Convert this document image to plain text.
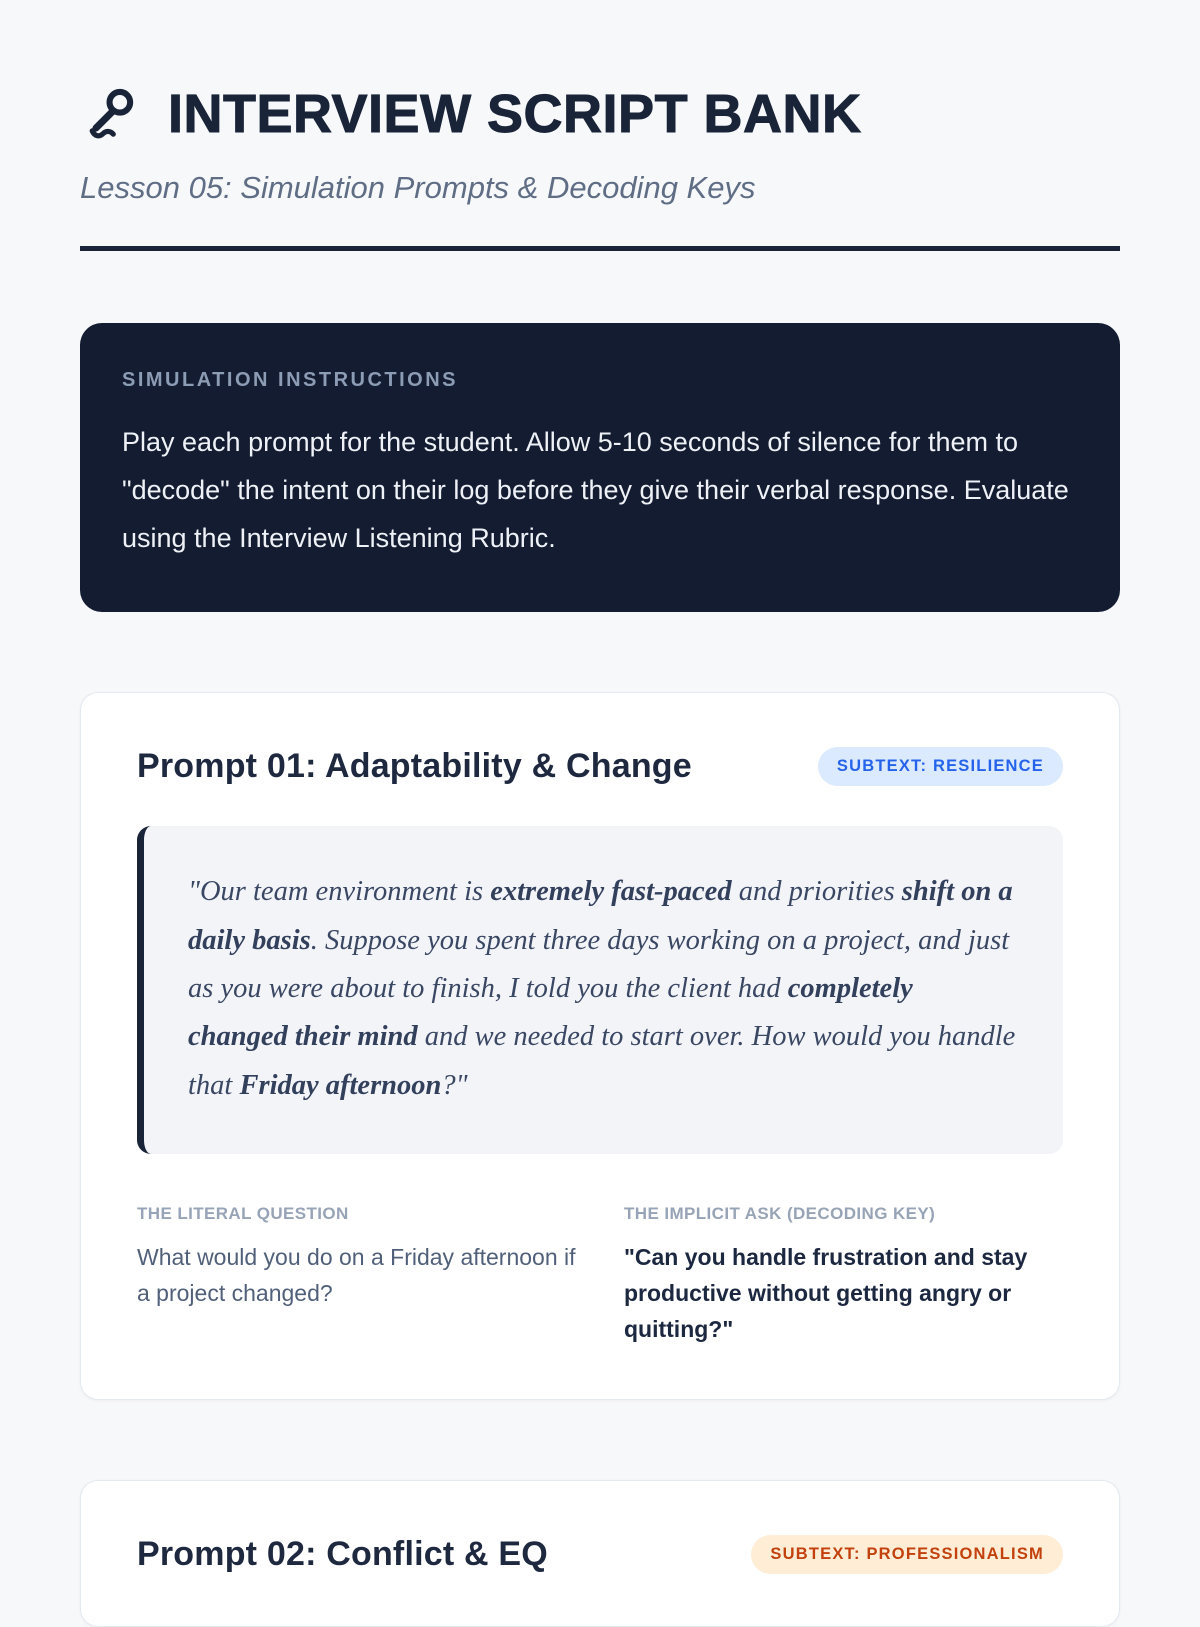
INTERVIEW SCRIPT BANK

Lesson 05: Simulation Prompts & Decoding Keys

SIMULATION INSTRUCTIONS

Play each prompt for the student. Allow 5-10 seconds of silence for them to "decode" the intent on their log before they give their verbal response. Evaluate using the Interview Listening Rubric.

Prompt 01: Adaptability & Change	SUBTEXT: RESILIENCE
"Our team environment is extremely fast-paced and priorities shift on a daily basis. Suppose you spent three days working on a project, and just as you were about to finish, I told you the client had completely changed their mind and we needed to start over. How would you handle that Friday afternoon?"
THE LITERAL QUESTION

What would you do on a Friday afternoon if a project changed?

THE IMPLICIT ASK (DECODING KEY)

"Can you handle frustration and stay productive without getting angry or quitting?"

Prompt 02: Conflict & EQ	SUBTEXT: PROFESSIONALISM
